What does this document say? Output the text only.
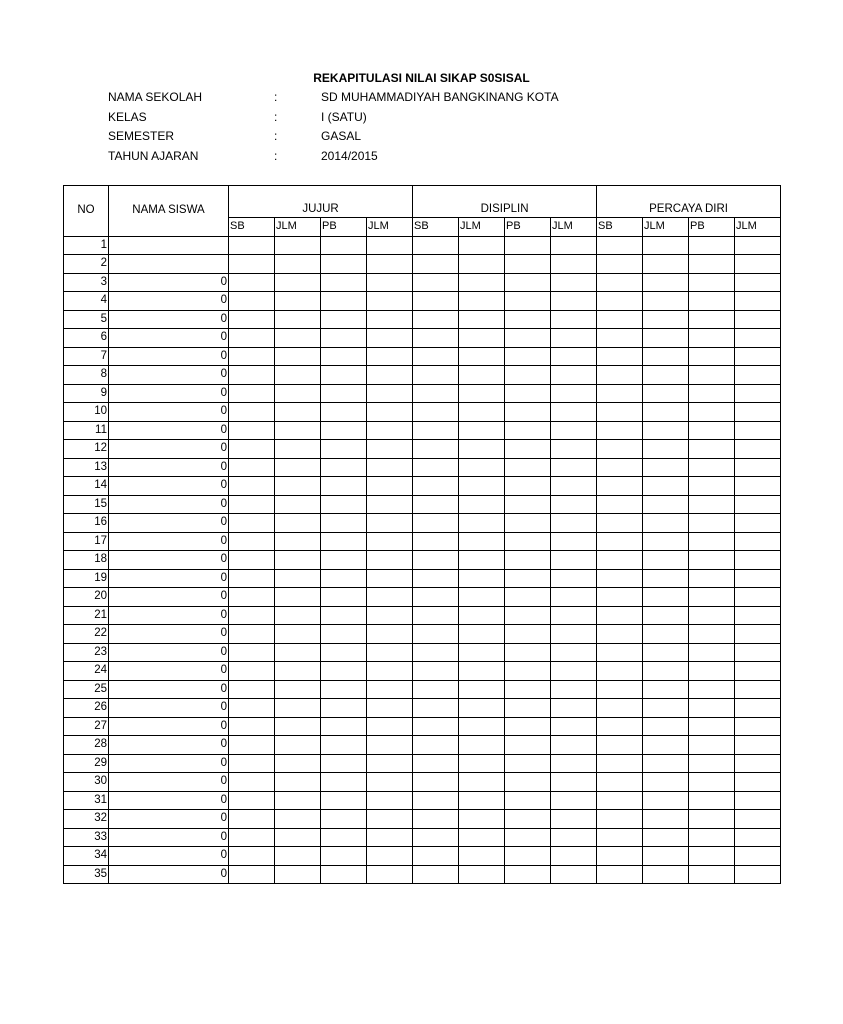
REKAPITULASI NILAI SIKAP S0SISAL
NAMA SEKOLAH	:	SD MUHAMMADIYAH BANGKINANG KOTA
KELAS	:	I (SATU)
SEMESTER	:	GASAL
TAHUN AJARAN	:	2014/2015
NO	NAMA SISWA	JUJUR				DISIPLIN				PERCAYA DIRI			
		SB	JLM	PB	JLM	SB	JLM	PB	JLM	SB	JLM	PB	JLM
1													
2													
3	0												
4	0												
5	0												
6	0												
7	0												
8	0												
9	0												
10	0												
11	0												
12	0												
13	0												
14	0												
15	0												
16	0												
17	0												
18	0												
19	0												
20	0												
21	0												
22	0												
23	0												
24	0												
25	0												
26	0												
27	0												
28	0												
29	0												
30	0												
31	0												
32	0												
33	0												
34	0												
35	0												
